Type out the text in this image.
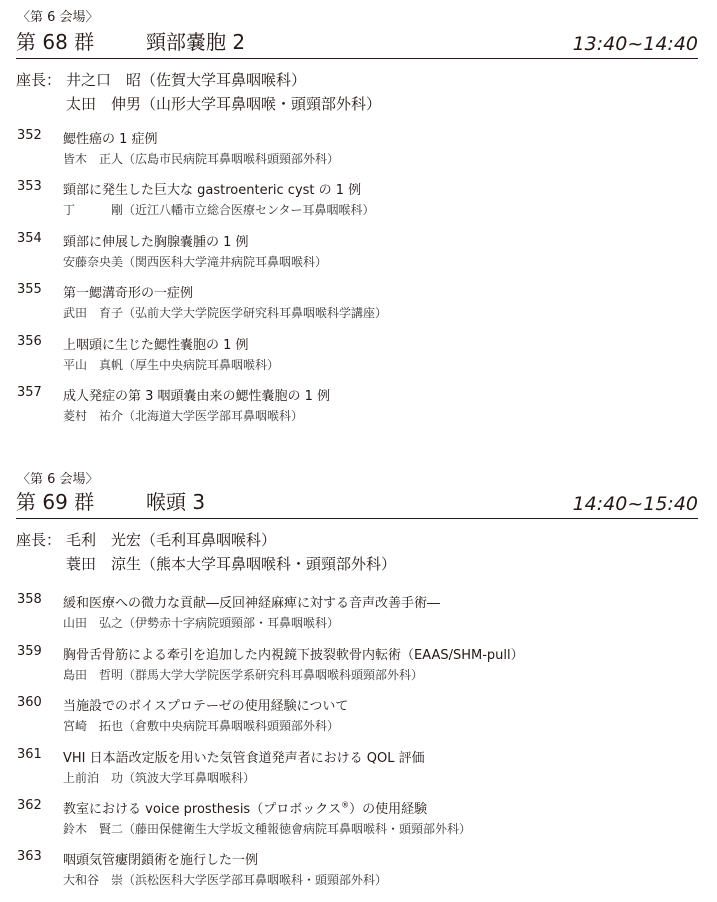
〈第 6 会場〉
第 68 群	頸部嚢胞 2	13:40~14:40
座長： 井之口　昭（佐賀大学耳鼻咽喉科）
太田　伸男（山形大学耳鼻咽喉・頭頸部外科）
352 鰓性癌の 1 症例
皆木　正人（広島市民病院耳鼻咽喉科頭頸部外科）
353 頸部に発生した巨大な gastroenteric cyst の 1 例
丁　　　剛（近江八幡市立総合医療センター耳鼻咽喉科）
354 頸部に伸展した胸腺嚢腫の 1 例
安藤奈央美（関西医科大学滝井病院耳鼻咽喉科）
355 第一鰓溝奇形の一症例
武田　育子（弘前大学大学院医学研究科耳鼻咽喉科学講座）
356 上咽頭に生じた鰓性嚢胞の 1 例
平山　真帆（厚生中央病院耳鼻咽喉科）
357 成人発症の第 3 咽頭嚢由来の鰓性嚢胞の 1 例
菱村　祐介（北海道大学医学部耳鼻咽喉科）
〈第 6 会場〉
第 69 群	喉頭 3	14:40~15:40
座長： 毛利　光宏（毛利耳鼻咽喉科）
蓑田　涼生（熊本大学耳鼻咽喉科・頭頸部外科）
358 緩和医療への微力な貢献―反回神経麻痺に対する音声改善手術―
山田　弘之（伊勢赤十字病院頭頸部・耳鼻咽喉科）
359 胸骨舌骨筋による牽引を追加した内視鏡下披裂軟骨内転術（EAAS/SHM-pull）
島田　哲明（群馬大学大学院医学系研究科耳鼻咽喉科頭頸部外科）
360 当施設でのボイスプロテーゼの使用経験について
宮崎　拓也（倉敷中央病院耳鼻咽喉科頭頸部外科）
361 VHI 日本語改定版を用いた気管食道発声者における QOL 評価
上前泊　功（筑波大学耳鼻咽喉科）
362 教室における voice prosthesis（プロボックス®）の使用経験
鈴木　賢二（藤田保健衛生大学坂文種報徳會病院耳鼻咽喉科・頭頸部外科）
363 咽頭気管瘻閉鎖術を施行した一例
大和谷　崇（浜松医科大学医学部耳鼻咽喉科・頭頸部外科）
